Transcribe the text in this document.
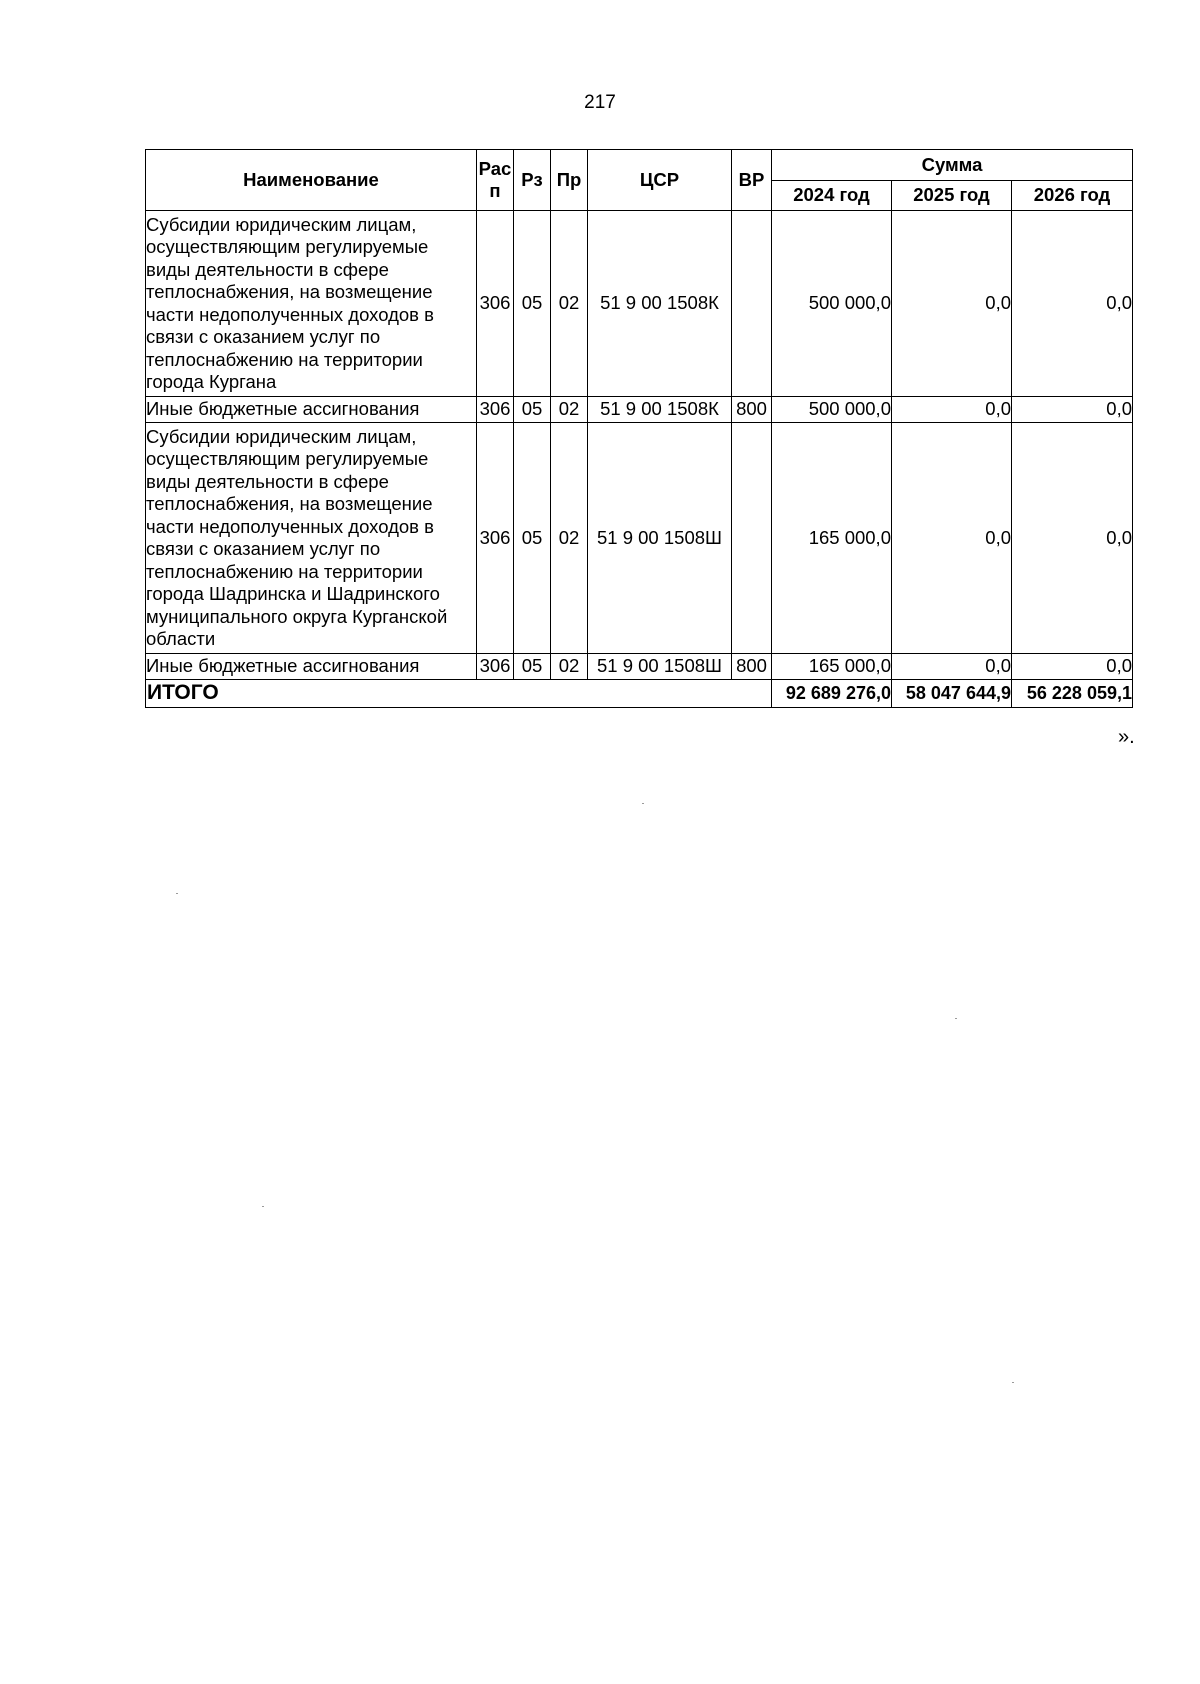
217
Наименование	Рас п	Рз	Пр	ЦСР	ВР	Сумма		
						2024 год	2025 год	2026 год
Субсидии юридическим лицам, осуществляющим регулируемые виды деятельности в сфере теплоснабжения, на возмещение части недополученных доходов в связи с оказанием услуг по теплоснабжению на территории города Кургана	306	05	02	51 9 00 1508К		500 000,0	0,0	0,0
Иные бюджетные ассигнования	306	05	02	51 9 00 1508К	800	500 000,0	0,0	0,0
Субсидии юридическим лицам, осуществляющим регулируемые виды деятельности в сфере теплоснабжения, на возмещение части недополученных доходов в связи с оказанием услуг по теплоснабжению на территории города Шадринска и Шадринского муниципального округа Курганской области	306	05	02	51 9 00 1508Ш		165 000,0	0,0	0,0
Иные бюджетные ассигнования	306	05	02	51 9 00 1508Ш	800	165 000,0	0,0	0,0
ИТОГО						92 689 276,0	58 047 644,9	56 228 059,1
».
